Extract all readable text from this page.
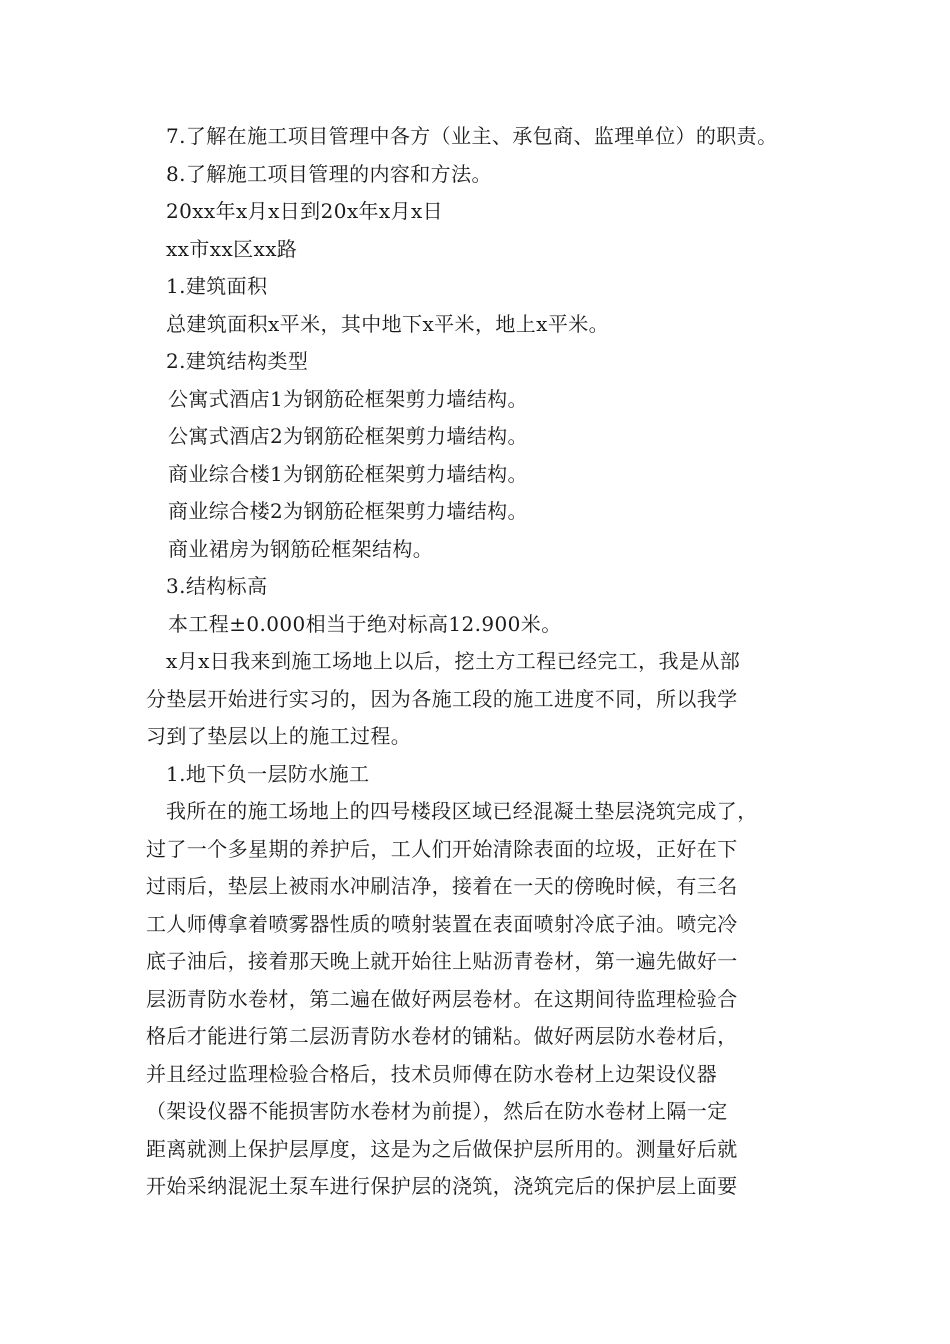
7.了解在施工项目管理中各方（业主、承包商、监理单位）的职责。
8.了解施工项目管理的内容和方法。
20xx年x月x日到20x年x月x日
xx市xx区xx路
1.建筑面积
总建筑面积x平米，其中地下x平米，地上x平米。
2.建筑结构类型
公寓式酒店1为钢筋砼框架剪力墙结构。
公寓式酒店2为钢筋砼框架剪力墙结构。
商业综合楼1为钢筋砼框架剪力墙结构。
商业综合楼2为钢筋砼框架剪力墙结构。
商业裙房为钢筋砼框架结构。
3.结构标高
本工程±0.000相当于绝对标高12.900米。
x月x日我来到施工场地上以后，挖土方工程已经完工，我是从部
分垫层开始进行实习的，因为各施工段的施工进度不同，所以我学
习到了垫层以上的施工过程。
1.地下负一层防水施工
我所在的施工场地上的四号楼段区域已经混凝土垫层浇筑完成了，
过了一个多星期的养护后，工人们开始清除表面的垃圾，正好在下
过雨后，垫层上被雨水冲刷洁净，接着在一天的傍晚时候，有三名
工人师傅拿着喷雾器性质的喷射装置在表面喷射冷底子油。喷完冷
底子油后，接着那天晚上就开始往上贴沥青卷材，第一遍先做好一
层沥青防水卷材，第二遍在做好两层卷材。在这期间待监理检验合
格后才能进行第二层沥青防水卷材的铺粘。做好两层防水卷材后，
并且经过监理检验合格后，技术员师傅在防水卷材上边架设仪器
（架设仪器不能损害防水卷材为前提），然后在防水卷材上隔一定
距离就测上保护层厚度，这是为之后做保护层所用的。测量好后就
开始采纳混泥土泵车进行保护层的浇筑，浇筑完后的保护层上面要
